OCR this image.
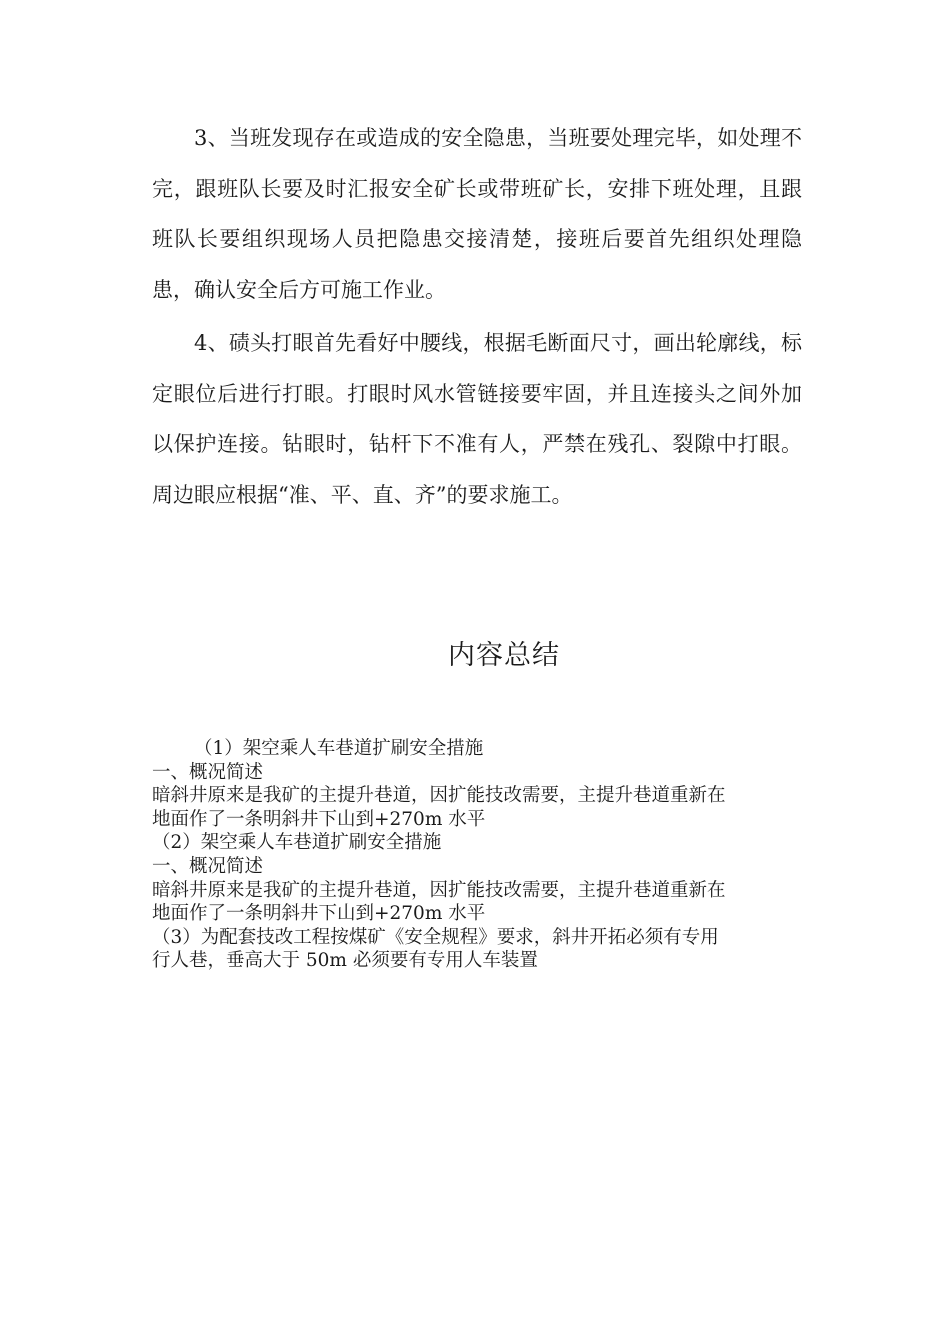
3、当班发现存在或造成的安全隐患，当班要处理完毕，如处理不完，跟班队长要及时汇报安全矿长或带班矿长，安排下班处理，且跟班队长要组织现场人员把隐患交接清楚，接班后要首先组织处理隐患，确认安全后方可施工作业。

4、碛头打眼首先看好中腰线，根据毛断面尺寸，画出轮廓线，标定眼位后进行打眼。打眼时风水管链接要牢固，并且连接头之间外加以保护连接。钻眼时，钻杆下不准有人，严禁在残孔、裂隙中打眼。周边眼应根据“准、平、直、齐”的要求施工。

内容总结

（1）架空乘人车巷道扩刷安全措施

一、概况简述

暗斜井原来是我矿的主提升巷道，因扩能技改需要，主提升巷道重新在

地面作了一条明斜井下山到+270m 水平

（2）架空乘人车巷道扩刷安全措施

一、概况简述

暗斜井原来是我矿的主提升巷道，因扩能技改需要，主提升巷道重新在

地面作了一条明斜井下山到+270m 水平

（3）为配套技改工程按煤矿《安全规程》要求，斜井开拓必须有专用

行人巷，垂高大于 50m 必须要有专用人车装置
